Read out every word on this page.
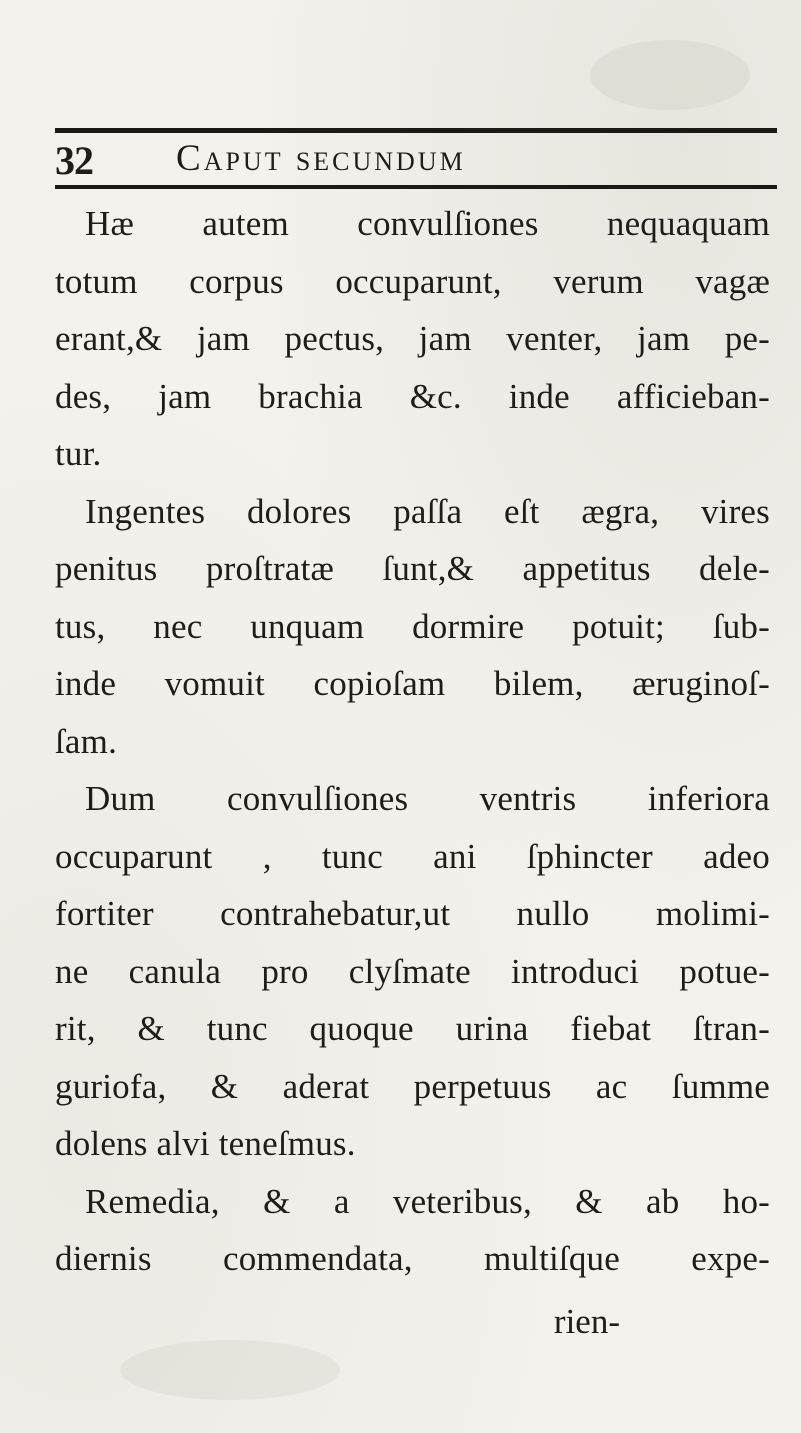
32 Caput secundum
Hæ autem convulſiones nequaquam
totum corpus occuparunt, verum vagæ
erant,& jam pectus, jam venter, jam pe-
des, jam brachia &c. inde afficieban-
tur.
Ingentes dolores paſſa eſt ægra, vires
penitus proſtratæ ſunt,& appetitus dele-
tus, nec unquam dormire potuit; ſub-
inde vomuit copioſam bilem, æruginoſ-
ſam.
Dum convulſiones ventris inferiora
occuparunt , tunc ani ſphincter adeo
fortiter contrahebatur,ut nullo molimi-
ne canula pro clyſmate introduci potue-
rit, & tunc quoque urina fiebat ſtran-
guriofa, & aderat perpetuus ac ſumme
dolens alvi teneſmus.
Remedia, & a veteribus, & ab ho-
diernis commendata, multiſque expe-
rien-
